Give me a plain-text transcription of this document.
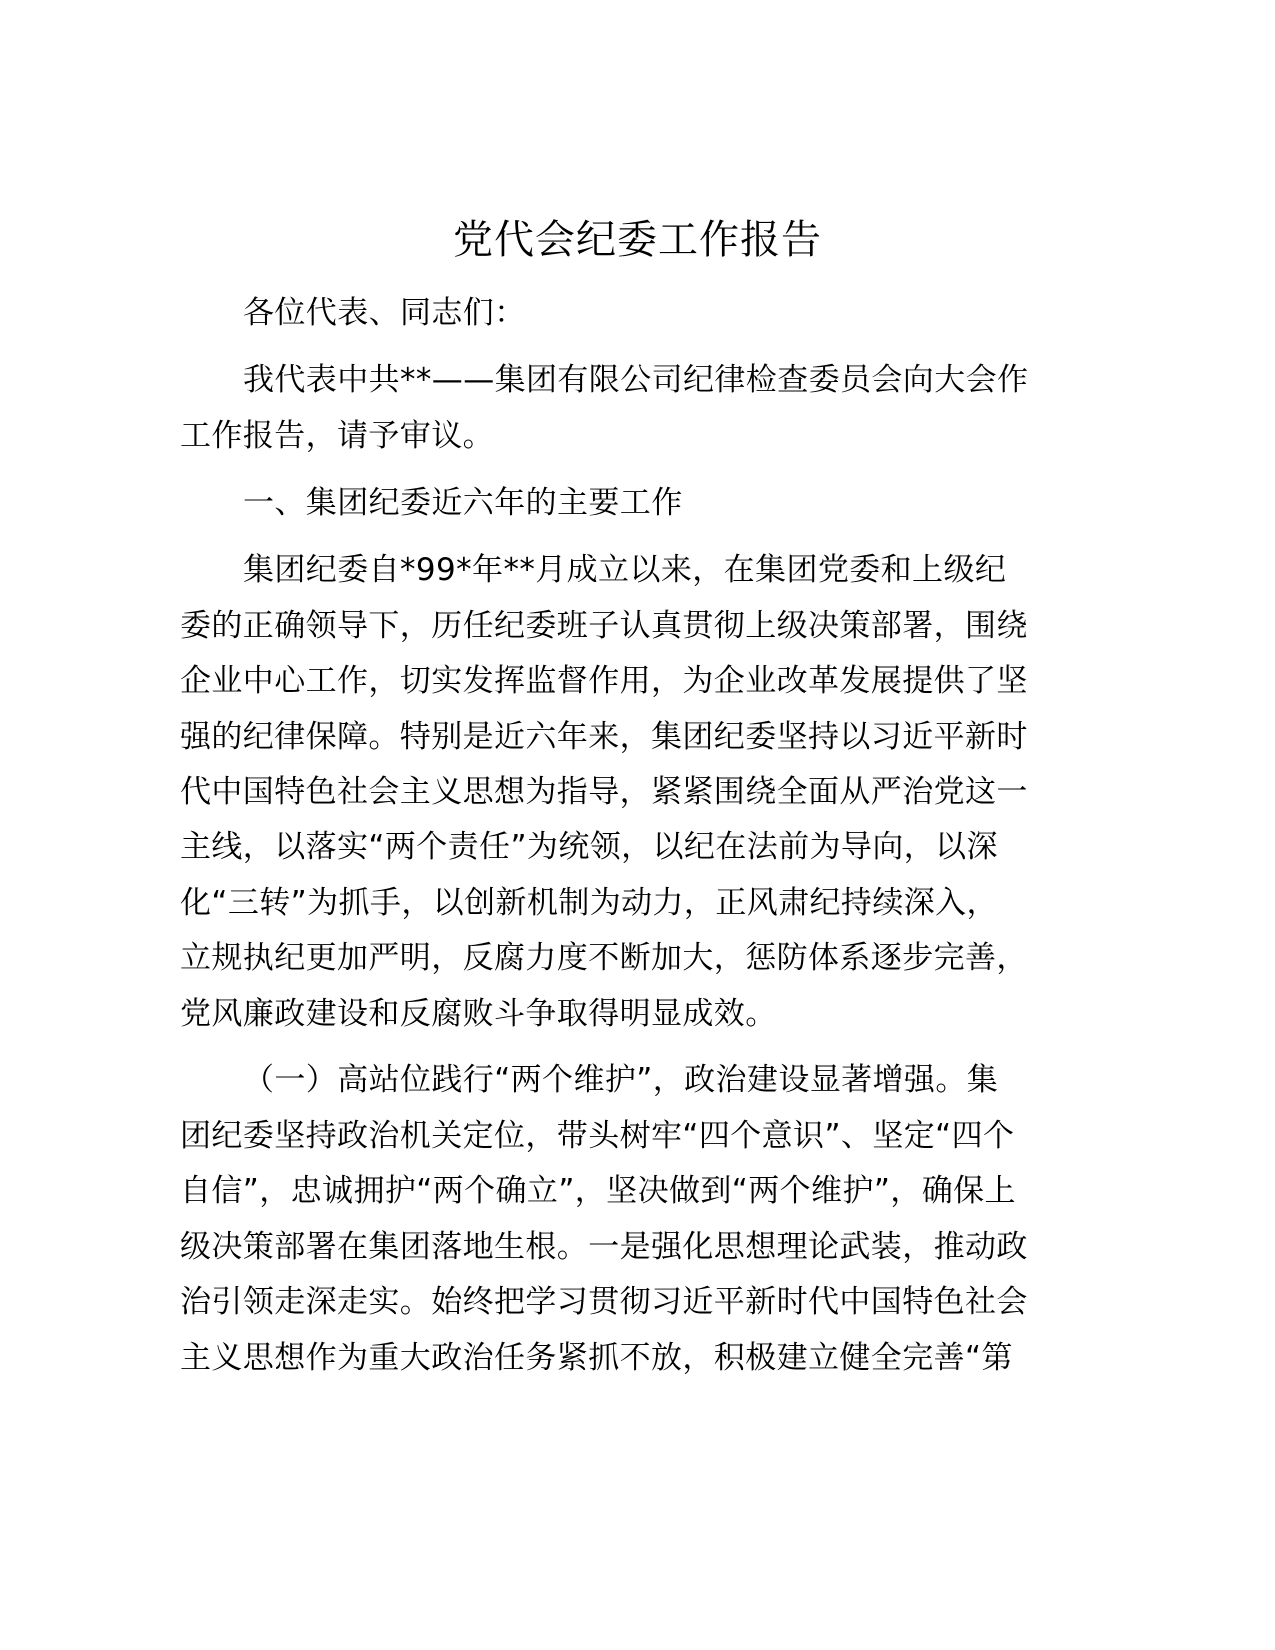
党代会纪委工作报告
各位代表、同志们：
我代表中共**——集团有限公司纪律检查委员会向大会作
工作报告，请予审议。
一、集团纪委近六年的主要工作
集团纪委自*99*年**月成立以来，在集团党委和上级纪
委的正确领导下，历任纪委班子认真贯彻上级决策部署，围绕
企业中心工作，切实发挥监督作用，为企业改革发展提供了坚
强的纪律保障。特别是近六年来，集团纪委坚持以习近平新时
代中国特色社会主义思想为指导，紧紧围绕全面从严治党这一
主线，以落实“两个责任”为统领，以纪在法前为导向，以深
化“三转”为抓手，以创新机制为动力，正风肃纪持续深入，
立规执纪更加严明，反腐力度不断加大，惩防体系逐步完善，
党风廉政建设和反腐败斗争取得明显成效。
（一）高站位践行“两个维护”，政治建设显著增强。集
团纪委坚持政治机关定位，带头树牢“四个意识”、坚定“四个
自信”，忠诚拥护“两个确立”，坚决做到“两个维护”，确保上
级决策部署在集团落地生根。一是强化思想理论武装，推动政
治引领走深走实。始终把学习贯彻习近平新时代中国特色社会
主义思想作为重大政治任务紧抓不放，积极建立健全完善“第
